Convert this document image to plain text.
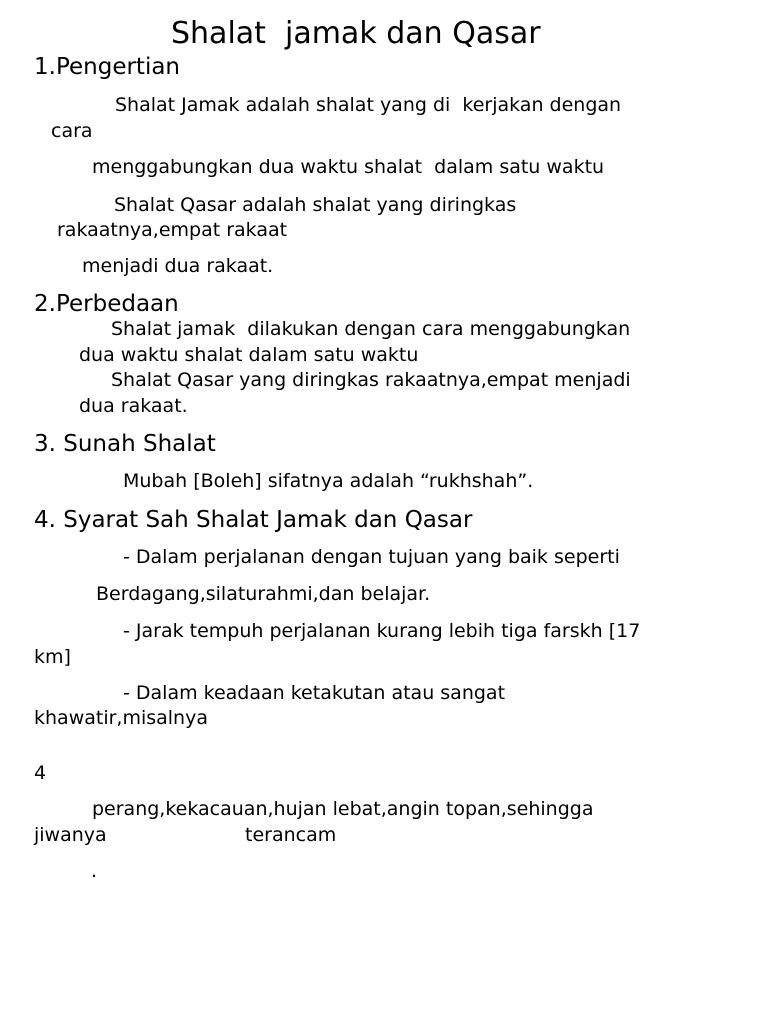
Shalat  jamak dan Qasar
1.Pengertian
Shalat Jamak adalah shalat yang di  kerjakan dengan
cara
menggabungkan dua waktu shalat  dalam satu waktu
Shalat Qasar adalah shalat yang diringkas
rakaatnya,empat rakaat
menjadi dua rakaat.
2.Perbedaan
Shalat jamak  dilakukan dengan cara menggabungkan
dua waktu shalat dalam satu waktu
Shalat Qasar yang diringkas rakaatnya,empat menjadi
dua rakaat.
3. Sunah Shalat
Mubah [Boleh] sifatnya adalah “rukhshah”.
4. Syarat Sah Shalat Jamak dan Qasar
- Dalam perjalanan dengan tujuan yang baik seperti
Berdagang,silaturahmi,dan belajar.
- Jarak tempuh perjalanan kurang lebih tiga farskh [17
km]
- Dalam keadaan ketakutan atau sangat
khawatir,misalnya
4
perang,kekacauan,hujan lebat,angin topan,sehingga
jiwanya	terancam
.
